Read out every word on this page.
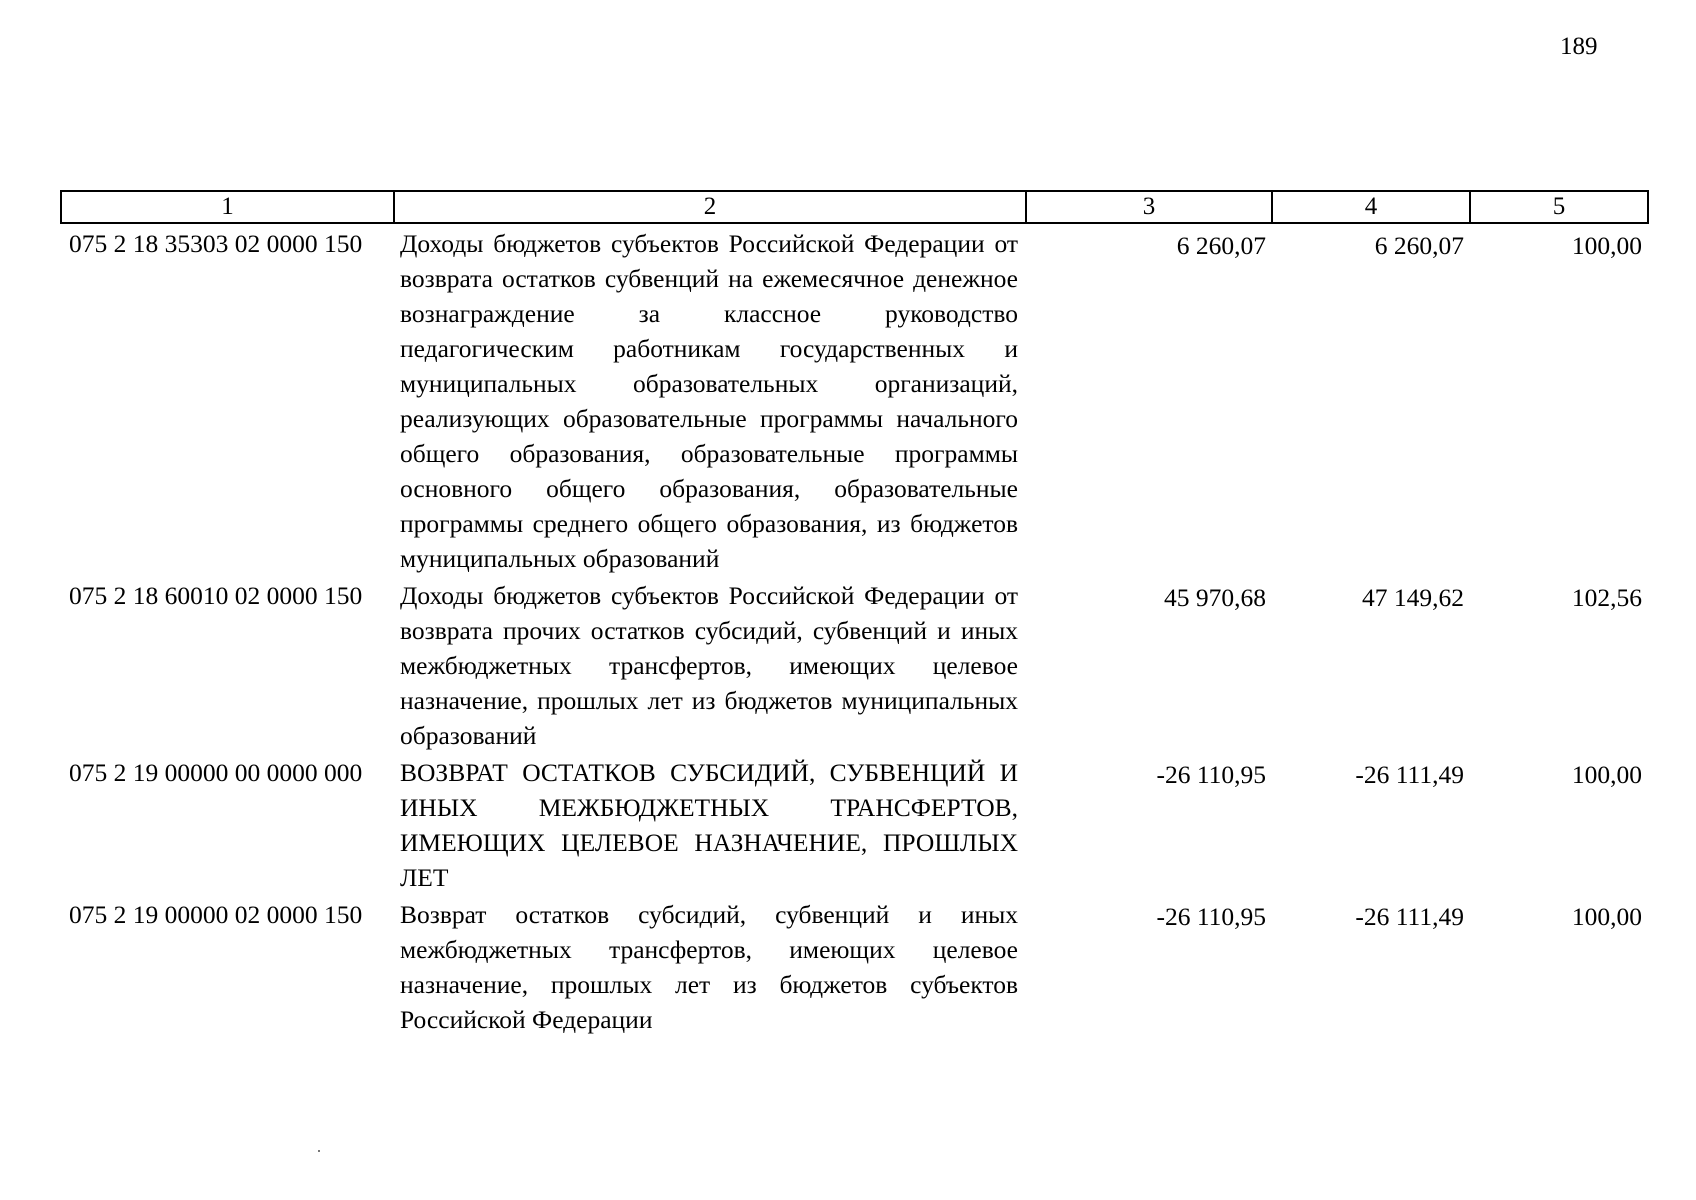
189
1	2	3	4	5
075 2 18 35303 02 0000 150	Доходы бюджетов субъектов Российской Федерации от возврата остатков субвенций на ежемесячное денежное вознаграждение за классное руководство педагогическим работникам государственных и муниципальных образовательных организаций, реализующих образовательные программы начального общего образования, образовательные программы основного общего образования, образовательные программы среднего общего образования, из бюджетов муниципальных образований	6 260,07	6 260,07	100,00
075 2 18 60010 02 0000 150	Доходы бюджетов субъектов Российской Федерации от возврата прочих остатков субсидий, субвенций и иных межбюджетных трансфертов, имеющих целевое назначение, прошлых лет из бюджетов муниципальных образований	45 970,68	47 149,62	102,56
075 2 19 00000 00 0000 000	ВОЗВРАТ ОСТАТКОВ СУБСИДИЙ, СУБВЕНЦИЙ И ИНЫХ МЕЖБЮДЖЕТНЫХ ТРАНСФЕРТОВ, ИМЕЮЩИХ ЦЕЛЕВОЕ НАЗНАЧЕНИЕ, ПРОШЛЫХ ЛЕТ	-26 110,95	-26 111,49	100,00
075 2 19 00000 02 0000 150	Возврат остатков субсидий, субвенций и иных межбюджетных трансфертов, имеющих целевое назначение, прошлых лет из бюджетов субъектов Российской Федерации	-26 110,95	-26 111,49	100,00
